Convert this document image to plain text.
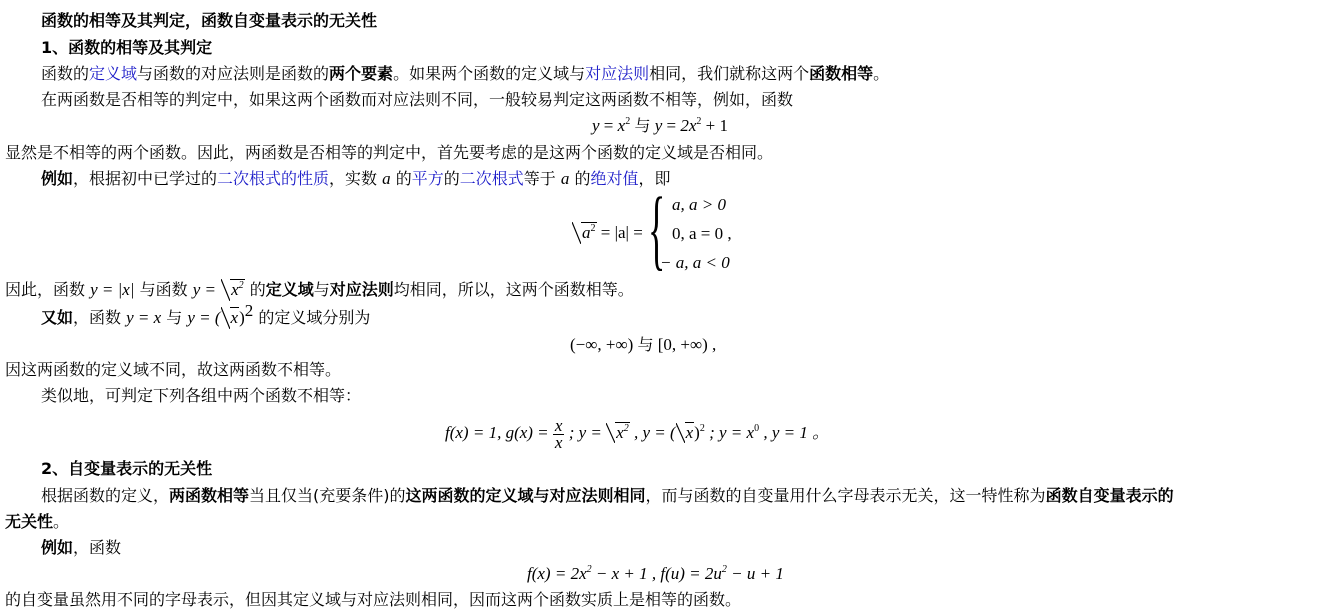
函数的相等及其判定，函数自变量表示的无关性
1、函数的相等及其判定
函数的定义域与函数的对应法则是函数的两个要素。如果两个函数的定义域与对应法则相同，我们就称这两个函数相等。
在两函数是否相等的判定中，如果这两个函数而对应法则不同，一般较易判定这两函数不相等，例如，函数
$y = x^2$ 与 $y = 2x^2 + 1$
显然是不相等的两个函数。因此，两函数是否相等的判定中，首先要考虑的是这两个函数的定义域是否相同。
例如，根据初中已学过的二次根式的性质，实数 a 的平方的二次根式等于 a 的绝对值，即
$a^2 = |a|$ = { a, a > 0
0, a = 0 ,
− a, a < 0
因此，函数 y = |x| 与函数 $y = x^2$ 的定义域与对应法则均相同，所以，这两个函数相等。
又如，函数 y = x 与 y = ( x)$^2$ 的定义域分别为
(−∞, +∞) 与 [0, +∞) ,
因这两函数的定义域不同，故这两函数不相等。
类似地，可判定下列各组中两个函数不相等：
f(x) = 1, $g(x) = \frac{x}{x}$ ; $y = x^2$ , y = ( x)$^2$ ; $y = x^0$ , y = 1 。
2、自变量表示的无关性
根据函数的定义，两函数相等当且仅当(充要条件)的这两函数的定义域与对应法则相同，而与函数的自变量用什么字母表示无关，这一特性称为函数自变量表示的
无关性。
例如，函数
$f(x) = 2x^2 - x + 1$ , $f(u) = 2u^2 - u + 1$
的自变量虽然用不同的字母表示，但因其定义域与对应法则相同，因而这两个函数实质上是相等的函数。
